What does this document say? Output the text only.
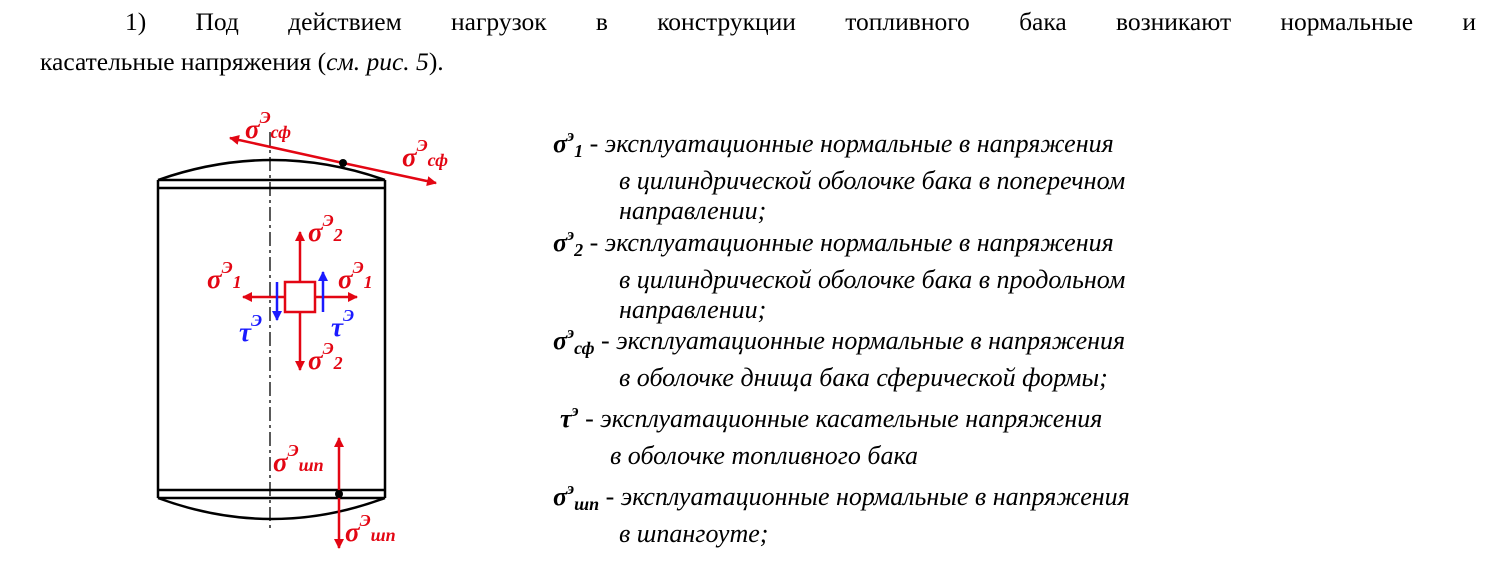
1) Под действием нагрузок в конструкции топливного бака возникают нормальные и
касательные напряжения (см. рис. 5).

$\sigma^Э_{сф}$
$\sigma^Э_{сф}$
$\sigma^Э_2$
$\sigma^Э_1$	$\sigma^Э_1$
$\sigma^Э_2$
$\sigma^Э_{шп}$
$\sigma^Э_{шп}$
$\tau^Э$	$\tau^Э$
$\sigma^э_1$ - эксплуатационные нормальные в напряжения
в цилиндрической оболочке бака в поперечном
направлении;
$\sigma^э_2$ - эксплуатационные нормальные в напряжения
в цилиндрической оболочке бака в продольном
направлении;
$\sigma^э_{сф}$ - эксплуатационные нормальные в напряжения
в оболочке днища бака сферической формы;
$\tau^э$ - эксплуатационные касательные напряжения
в оболочке топливного бака
$\sigma^э_{шп}$ - эксплуатационные нормальные в напряжения
в шпангоуте;
